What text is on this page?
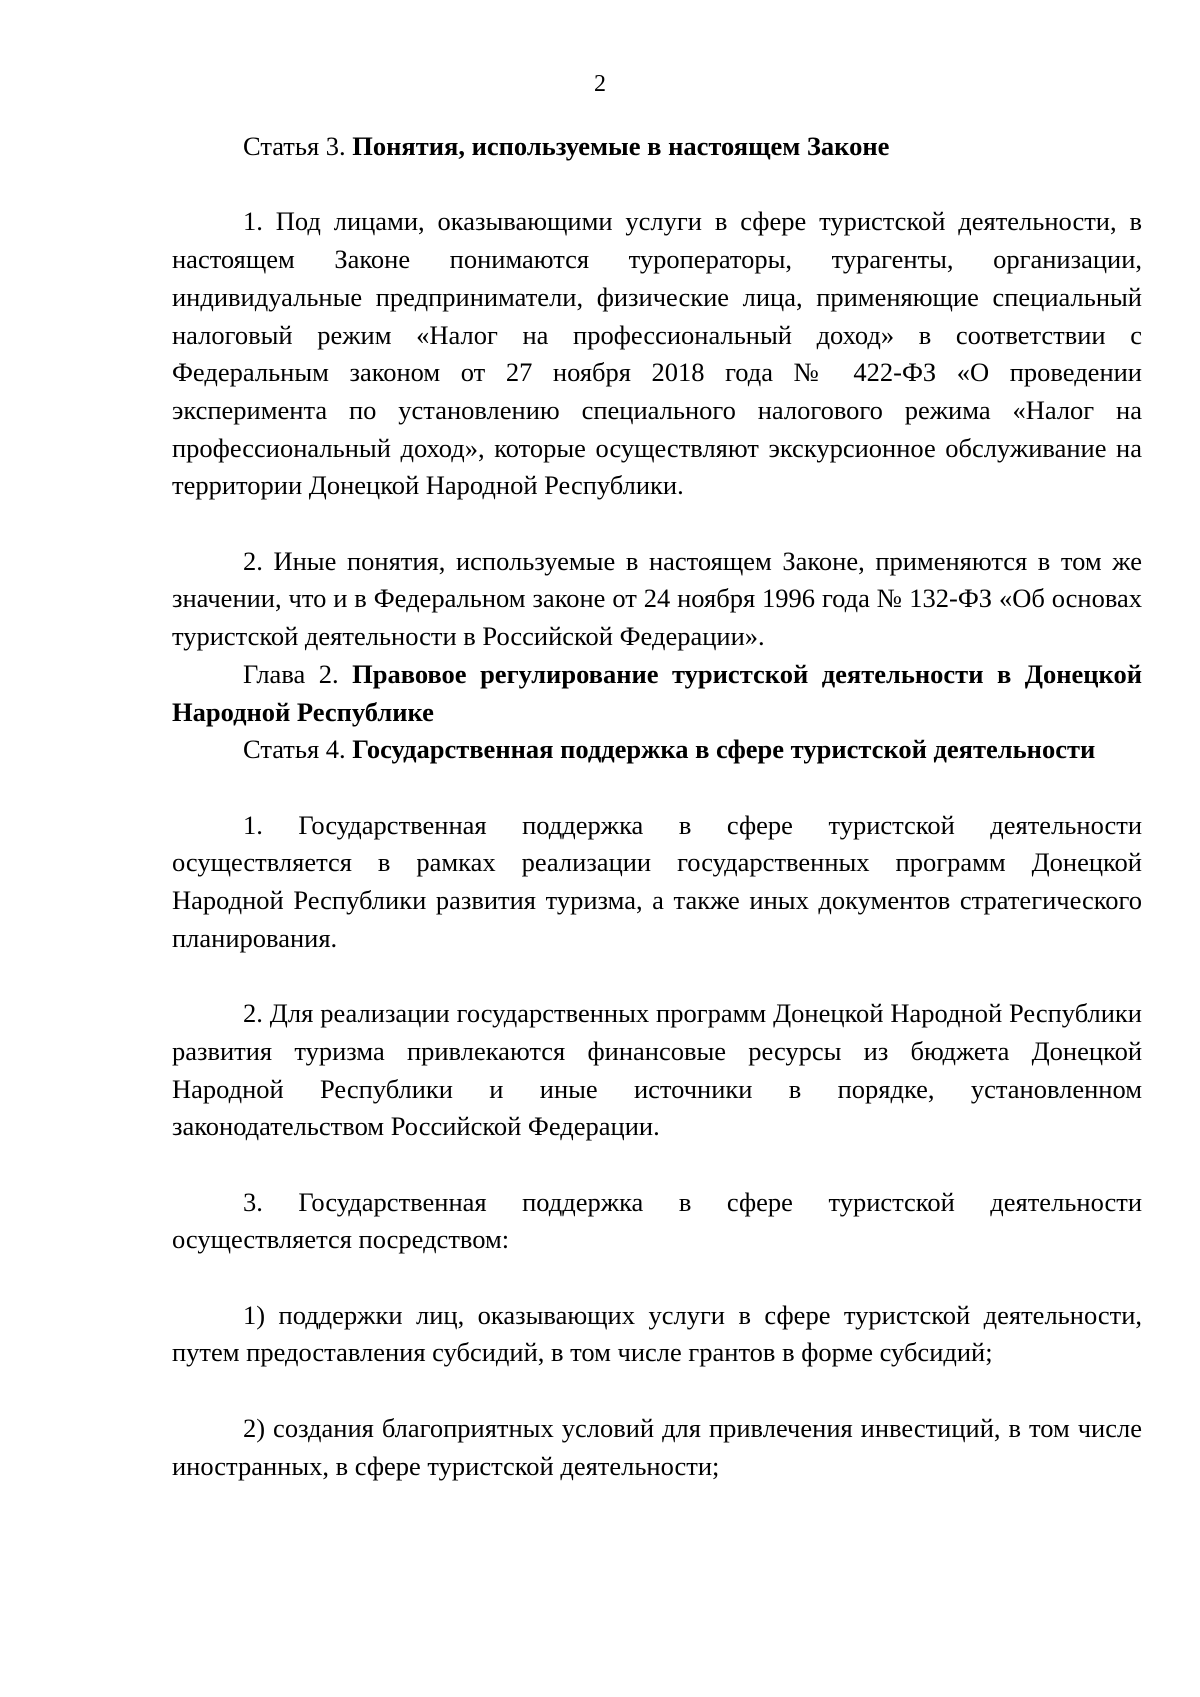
2

Статья 3. Понятия, используемые в настоящем Законе

1. Под лицами, оказывающими услуги в сфере туристской деятельности, в настоящем Законе понимаются туроператоры, турагенты, организации, индивидуальные предприниматели, физические лица, применяющие специальный налоговый режим «Налог на профессиональный доход» в соответствии с Федеральным законом от 27 ноября 2018 года № 422-ФЗ «О проведении эксперимента по установлению специального налогового режима «Налог на профессиональный доход», которые осуществляют экскурсионное обслуживание на территории Донецкой Народной Республики.

2. Иные понятия, используемые в настоящем Законе, применяются в том же значении, что и в Федеральном законе от 24 ноября 1996 года № 132-ФЗ «Об основах туристской деятельности в Российской Федерации».

Глава 2. Правовое регулирование туристской деятельности в Донецкой Народной Республике

Статья 4. Государственная поддержка в сфере туристской деятельности

1. Государственная поддержка в сфере туристской деятельности осуществляется в рамках реализации государственных программ Донецкой Народной Республики развития туризма, а также иных документов стратегического планирования.

2. Для реализации государственных программ Донецкой Народной Республики развития туризма привлекаются финансовые ресурсы из бюджета Донецкой Народной Республики и иные источники в порядке, установленном законодательством Российской Федерации.

3. Государственная поддержка в сфере туристской деятельности осуществляется посредством:

1) поддержки лиц, оказывающих услуги в сфере туристской деятельности, путем предоставления субсидий, в том числе грантов в форме субсидий;

2) создания благоприятных условий для привлечения инвестиций, в том числе иностранных, в сфере туристской деятельности;
